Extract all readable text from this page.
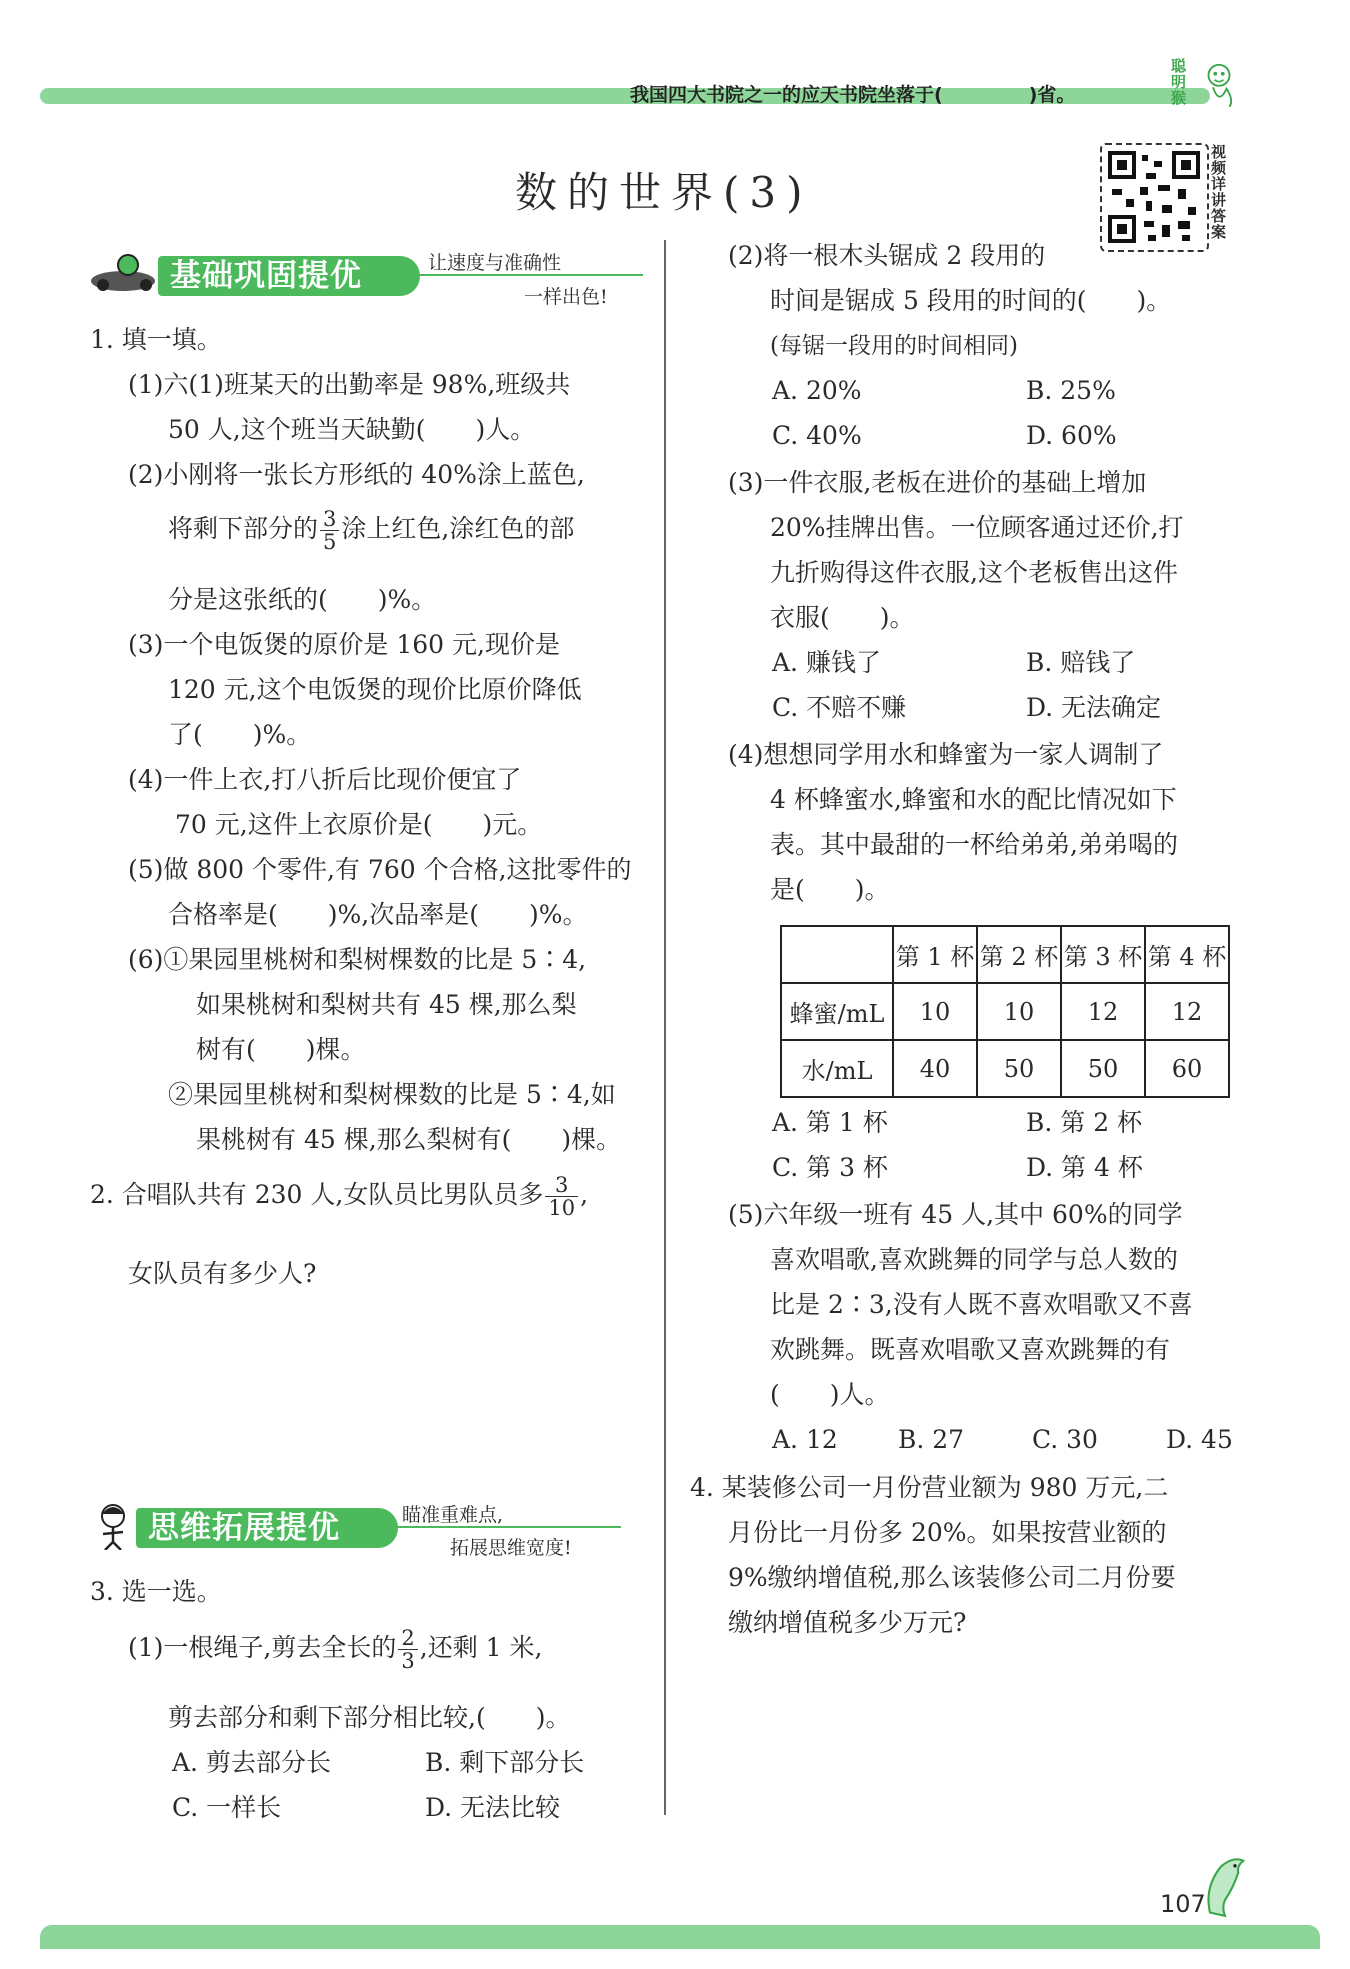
我国四大书院之一的应天书院坐落于(	)省。	聪明猴
数的世界(3)	视频详讲答案
基础巩固提优	让速度与准确性
一样出色!
1. 填一填。
(1)六(1)班某天的出勤率是 98%,班级共
50 人,这个班当天缺勤(　　)人。
(2)小刚将一张长方形纸的 40%涂上蓝色,
将剩下部分的 $\frac{3}{5}$ 涂上红色,涂红色的部
分是这张纸的(　　)%。
(3)一个电饭煲的原价是 160 元,现价是
120 元,这个电饭煲的现价比原价降低
了(　　)%。
(4)一件上衣,打八折后比现价便宜了
70 元,这件上衣原价是(　　)元。
(5)做 800 个零件,有 760 个合格,这批零件的
合格率是(　　)%,次品率是(　　)%。
(6)①果园里桃树和梨树棵数的比是 5∶4,
如果桃树和梨树共有 45 棵,那么梨
树有(　　)棵。
②果园里桃树和梨树棵数的比是 5∶4,如
果桃树有 45 棵,那么梨树有(　　)棵。
2. 合唱队共有 230 人,女队员比男队员多 $\frac{3}{10}$ ,
女队员有多少人?
思维拓展提优	瞄准重难点,
拓展思维宽度!
3. 选一选。
(1)一根绳子,剪去全长的 $\frac{2}{3}$ ,还剩 1 米,
剪去部分和剩下部分相比较,(　　)。
A. 剪去部分长	B. 剩下部分长
C. 一样长	D. 无法比较
(2)将一根木头锯成 2 段用的
时间是锯成 5 段用的时间的(　　)。
(每锯一段用的时间相同)
A. 20%	B. 25%
C. 40%	D. 60%
(3)一件衣服,老板在进价的基础上增加
20%挂牌出售。一位顾客通过还价,打
九折购得这件衣服,这个老板售出这件
衣服(　　)。
A. 赚钱了	B. 赔钱了
C. 不赔不赚	D. 无法确定
(4)想想同学用水和蜂蜜为一家人调制了
4 杯蜂蜜水,蜂蜜和水的配比情况如下
表。其中最甜的一杯给弟弟,弟弟喝的
是(　　)。
	第 1 杯	第 2 杯	第 3 杯	第 4 杯
蜂蜜/mL	10	10	12	12
水/mL	40	50	50	60
A. 第 1 杯	B. 第 2 杯
C. 第 3 杯	D. 第 4 杯
(5)六年级一班有 45 人,其中 60%的同学
喜欢唱歌,喜欢跳舞的同学与总人数的
比是 2∶3,没有人既不喜欢唱歌又不喜
欢跳舞。既喜欢唱歌又喜欢跳舞的有
(　　)人。
A. 12 B. 27	C. 30	D. 45
4. 某装修公司一月份营业额为 980 万元,二
月份比一月份多 20%。如果按营业额的
9%缴纳增值税,那么该装修公司二月份要
缴纳增值税多少万元?
107
